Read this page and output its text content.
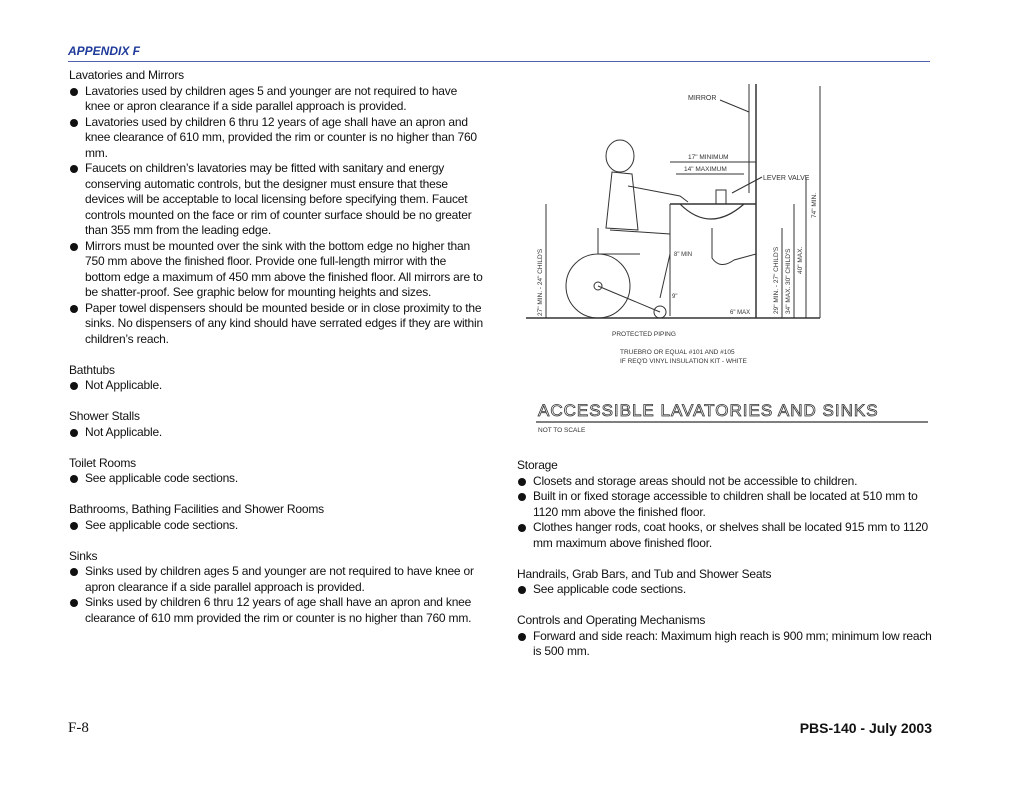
APPENDIX F

Lavatories and Mirrors

Lavatories used by children ages 5 and younger are not required to have knee or apron clearance if a side parallel approach is provided.

Lavatories used by children 6 thru 12 years of age shall have an apron and knee clearance of 610 mm, provided the rim or counter is no higher than 760 mm.

Faucets on children’s lavatories may be fitted with sanitary and energy conserving automatic controls, but the designer must ensure that these devices will be acceptable to local licensing before specifying them. Faucet controls mounted on the face or rim of counter surface should be no greater than 355 mm from the leading edge.

Mirrors must be mounted over the sink with the bottom edge no higher than 750 mm above the finished floor. Provide one full-length mirror with the bottom edge a maximum of 450 mm above the finished floor. All mirrors are to be shatter-proof. See graphic below for mounting heights and sizes.

Paper towel dispensers should be mounted beside or in close proximity to the sinks. No dispensers of any kind should have serrated edges if they are within children’s reach.

Bathtubs

Not Applicable.

Shower Stalls

Not Applicable.

Toilet Rooms

See applicable code sections.

Bathrooms, Bathing Facilities and Shower Rooms

See applicable code sections.

Sinks

Sinks used by children ages 5 and younger are not required to have knee or apron clearance if a side parallel approach is provided.

Sinks used by children 6 thru 12 years of age shall have an apron and knee clearance of 610 mm provided the rim or counter is no higher than 760 mm.

MIRROR
17" MINIMUM
14" MAXIMUM
LEVER VALVE
27" MIN. - 24" CHILD'S	29" MIN. - 27" CHILD'S 34" MAX. 30" CHILD'S 40" MAX.
74" MIN.
8" MIN
9"
6" MAX
PROTECTED PIPING
TRUEBRO OR EQUAL #101 AND #105
IF REQ'D VINYL INSULATION KIT - WHITE
ACCESSIBLE LAVATORIES AND SINKS
NOT TO SCALE

Storage

Closets and storage areas should not be accessible to children.

Built in or fixed storage accessible to children shall be located at 510 mm to 1120 mm above the finished floor.

Clothes hanger rods, coat hooks, or shelves shall be located 915 mm to 1120 mm maximum above finished floor.

Handrails, Grab Bars, and Tub and Shower Seats

See applicable code sections.

Controls and Operating Mechanisms

Forward and side reach: Maximum high reach is 900 mm; minimum low reach is 500 mm.

F-8	PBS-140 - July 2003
